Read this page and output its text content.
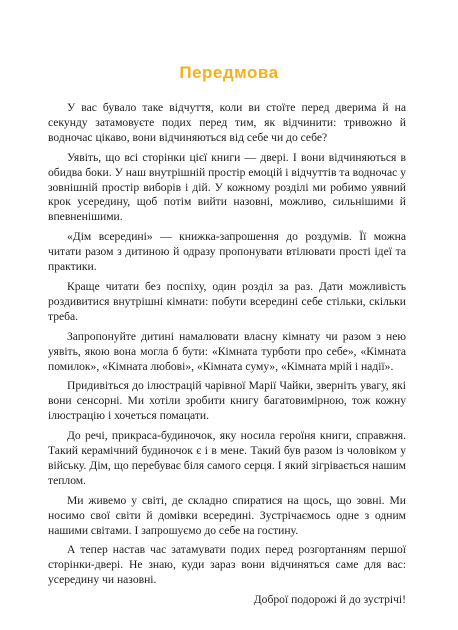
Передмова

У вас бувало таке відчуття, коли ви стоїте перед дверима й на секунду затамовуєте подих перед тим, як відчинити: тривожно й водночас цікаво, вони відчиняються від себе чи до себе?

Уявіть, що всі сторінки цієї книги — двері. І вони відчиняються в обидва боки. У наш внутрішній простір емоцій і відчуттів та водночас у зовнішній простір виборів і дій. У кожному розділі ми робимо уявний крок усередину, щоб потім вийти назовні, можливо, сильнішими й впевненішими.

«Дім всередині» — книжка-запрошення до роздумів. Її можна читати разом з дитиною й одразу пропонувати втілювати прості ідеї та практики.

Краще читати без поспіху, один розділ за раз. Дати можливість роздивитися внутрішні кімнати: побути всередині себе стільки, скільки треба.

Запропонуйте дитині намалювати власну кімнату чи разом з нею уявіть, якою вона могла б бути: «Кімната турботи про себе», «Кімната помилок», «Кімната любові», «Кімната суму», «Кімната мрій і надії».

Придивіться до ілюстрацій чарівної Марії Чайки, зверніть увагу, які вони сенсорні. Ми хотіли зробити книгу багатовимірною, тож кожну ілюстрацію і хочеться помацати.

До речі, прикраса-будиночок, яку носила героїня книги, справжня. Такий керамічний будиночок є і в мене. Такий був разом із чоловіком у війську. Дім, що перебуває біля самого серця. І який зігрівається нашим теплом.

Ми живемо у світі, де складно спиратися на щось, що зовні. Ми носимо свої світи й домівки всередині. Зустрічаємось одне з одним нашими світами. І запрошуємо до себе на гостину.

А тепер настав час затамувати подих перед розгортанням першої сторінки-двері. Не знаю, куди зараз вони відчиняться саме для вас: усередину чи назовні.

Доброї подорожі й до зустрічі!
